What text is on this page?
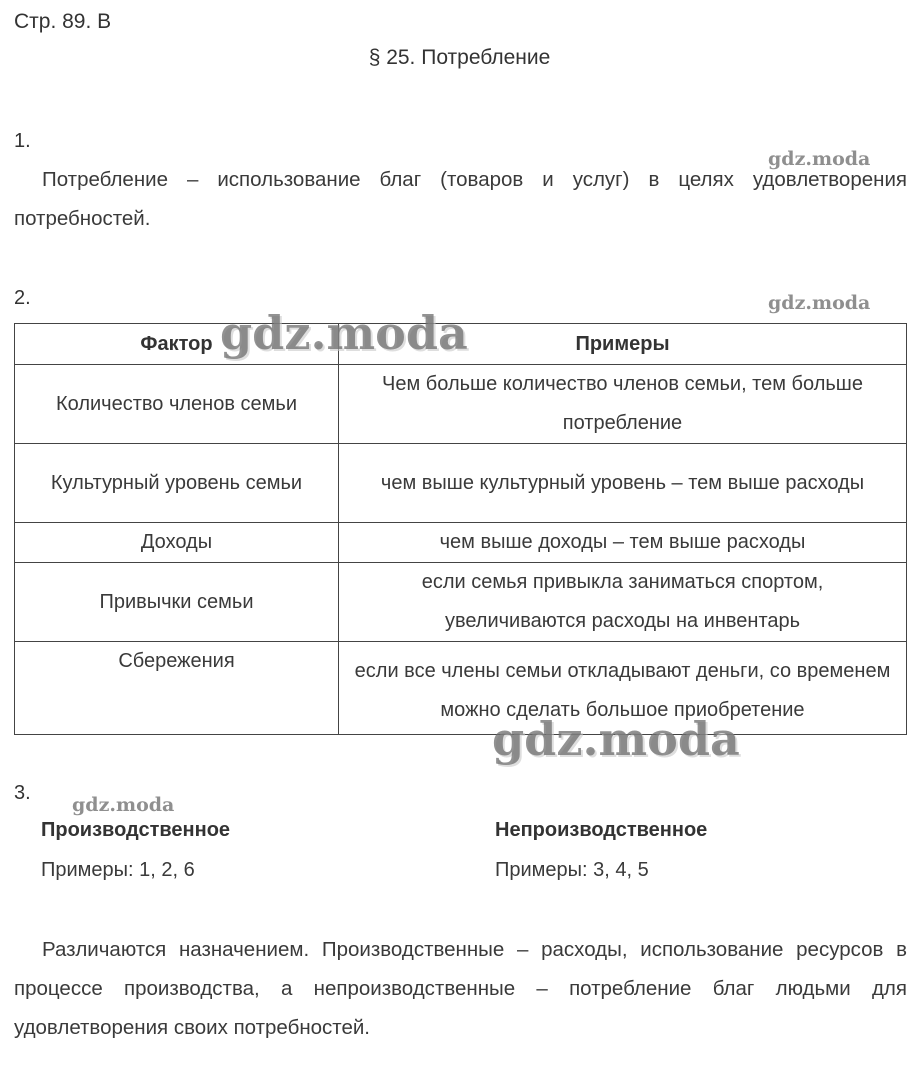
Стр. 89. В
§ 25. Потребление
1.
gdz.moda
Потребление – использование благ (товаров и услуг) в целях удовлетворения потребностей.
2.	gdz.moda
Фактор	Примеры
Количество членов семьи	Чем больше количество членов семьи, тем больше потребление
Культурный уровень семьи	чем выше культурный уровень – тем выше расходы
Доходы	чем выше доходы – тем выше расходы
Привычки семьи	если семья привыкла заниматься спортом, увеличиваются расходы на инвентарь
Сбережения	если все члены семьи откладывают деньги, со временем можно сделать большое приобретение
gdz.moda
gdz.moda
3.
gdz.moda
Производственное
Примеры: 1, 2, 6
Непроизводственное
Примеры: 3, 4, 5
Различаются назначением. Производственные – расходы, использование ресурсов в процессе производства, а непроизводственные – потребление благ людьми для удовлетворения своих потребностей.
